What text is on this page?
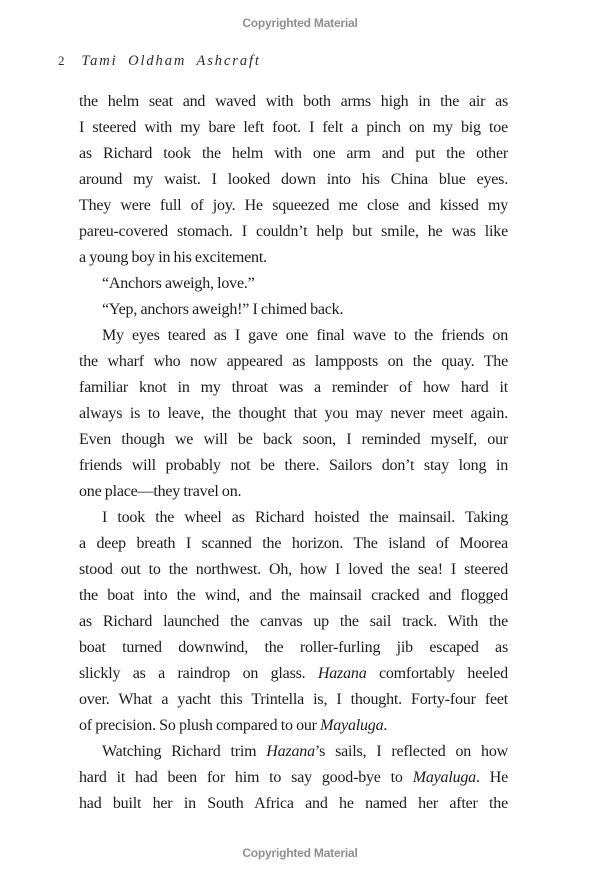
Copyrighted Material
2 Tami Oldham Ashcraft
the helm seat and waved with both arms high in the air as
I steered with my bare left foot. I felt a pinch on my big toe
as Richard took the helm with one arm and put the other
around my waist. I looked down into his China blue eyes.
They were full of joy. He squeezed me close and kissed my
pareu-covered stomach. I couldn’t help but smile, he was like
a young boy in his excitement.
“Anchors aweigh, love.”
“Yep, anchors aweigh!” I chimed back.
My eyes teared as I gave one final wave to the friends on
the wharf who now appeared as lampposts on the quay. The
familiar knot in my throat was a reminder of how hard it
always is to leave, the thought that you may never meet again.
Even though we will be back soon, I reminded myself, our
friends will probably not be there. Sailors don’t stay long in
one place—they travel on.
I took the wheel as Richard hoisted the mainsail. Taking
a deep breath I scanned the horizon. The island of Moorea
stood out to the northwest. Oh, how I loved the sea! I steered
the boat into the wind, and the mainsail cracked and flogged
as Richard launched the canvas up the sail track. With the
boat turned downwind, the roller-furling jib escaped as
slickly as a raindrop on glass. Hazana comfortably heeled
over. What a yacht this Trintella is, I thought. Forty-four feet
of precision. So plush compared to our Mayaluga.
Watching Richard trim Hazana’s sails, I reflected on how
hard it had been for him to say good-bye to Mayaluga. He
had built her in South Africa and he named her after the
Copyrighted Material
